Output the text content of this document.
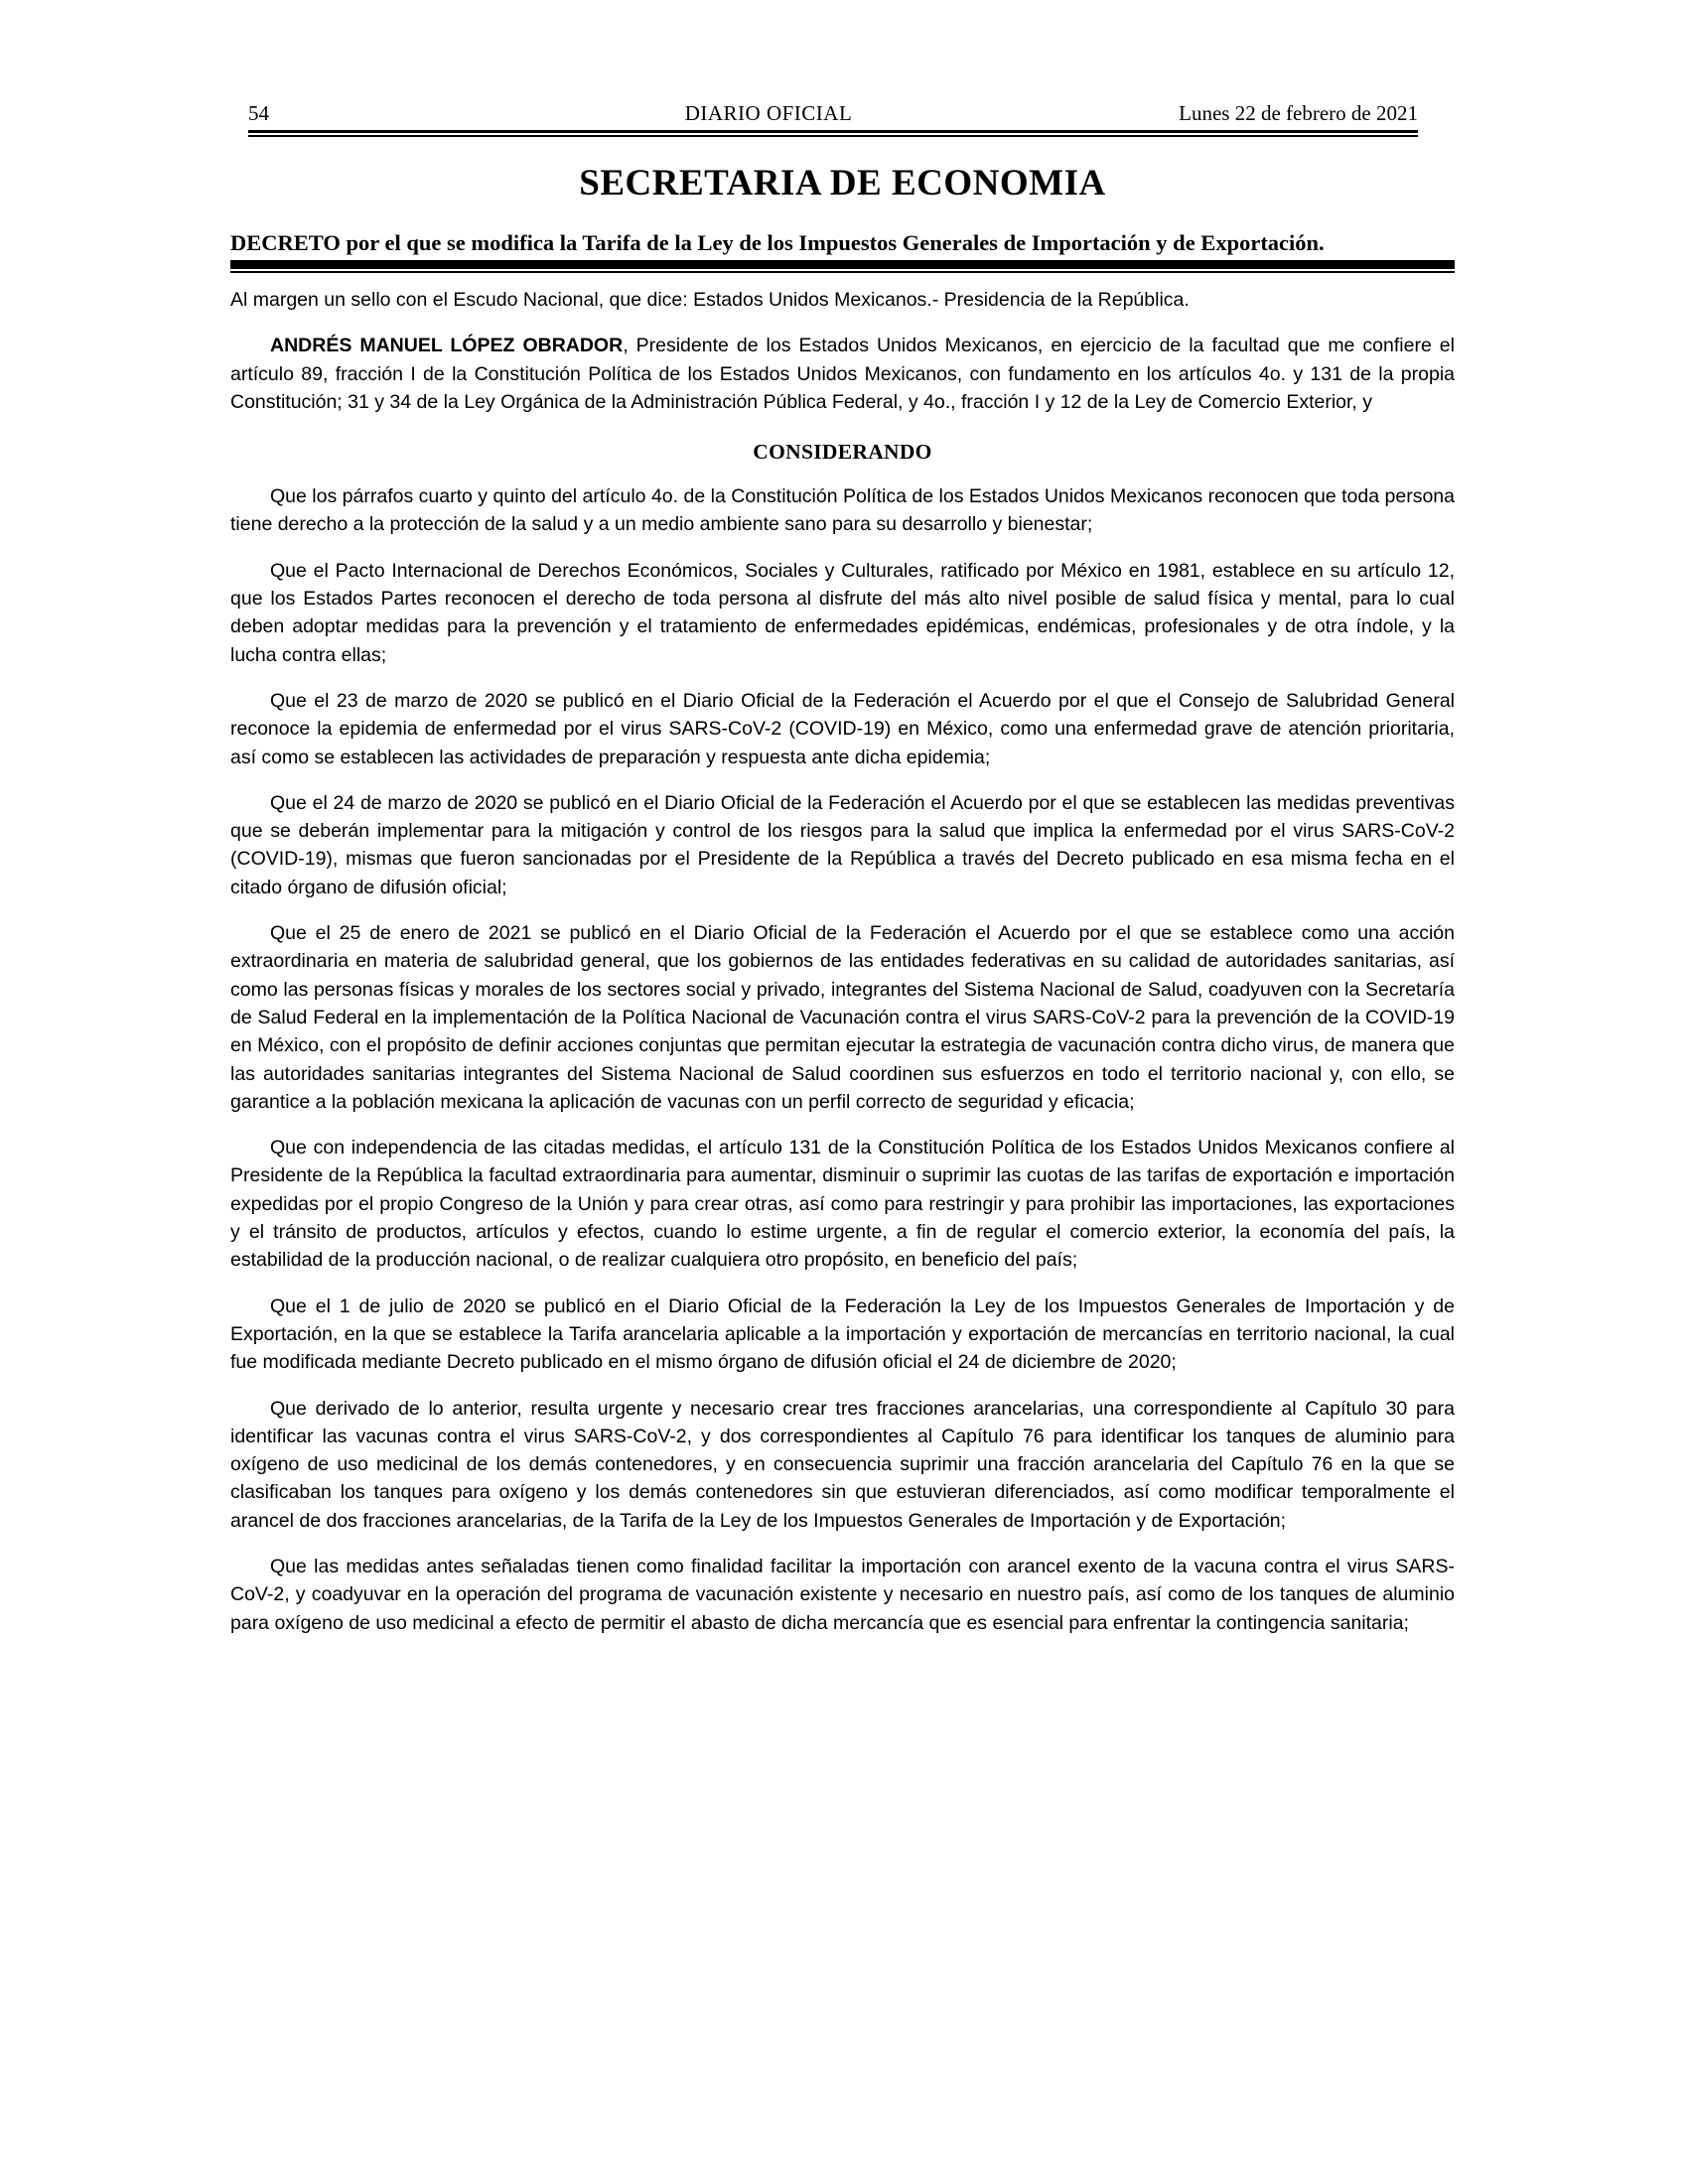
54	DIARIO OFICIAL	Lunes 22 de febrero de 2021
SECRETARIA DE ECONOMIA
DECRETO por el que se modifica la Tarifa de la Ley de los Impuestos Generales de Importación y de Exportación.

Al margen un sello con el Escudo Nacional, que dice: Estados Unidos Mexicanos.- Presidencia de la República.

ANDRÉS MANUEL LÓPEZ OBRADOR, Presidente de los Estados Unidos Mexicanos, en ejercicio de la facultad que me confiere el artículo 89, fracción I de la Constitución Política de los Estados Unidos Mexicanos, con fundamento en los artículos 4o. y 131 de la propia Constitución; 31 y 34 de la Ley Orgánica de la Administración Pública Federal, y 4o., fracción I y 12 de la Ley de Comercio Exterior, y

CONSIDERANDO

Que los párrafos cuarto y quinto del artículo 4o. de la Constitución Política de los Estados Unidos Mexicanos reconocen que toda persona tiene derecho a la protección de la salud y a un medio ambiente sano para su desarrollo y bienestar;

Que el Pacto Internacional de Derechos Económicos, Sociales y Culturales, ratificado por México en 1981, establece en su artículo 12, que los Estados Partes reconocen el derecho de toda persona al disfrute del más alto nivel posible de salud física y mental, para lo cual deben adoptar medidas para la prevención y el tratamiento de enfermedades epidémicas, endémicas, profesionales y de otra índole, y la lucha contra ellas;

Que el 23 de marzo de 2020 se publicó en el Diario Oficial de la Federación el Acuerdo por el que el Consejo de Salubridad General reconoce la epidemia de enfermedad por el virus SARS-CoV-2 (COVID-19) en México, como una enfermedad grave de atención prioritaria, así como se establecen las actividades de preparación y respuesta ante dicha epidemia;

Que el 24 de marzo de 2020 se publicó en el Diario Oficial de la Federación el Acuerdo por el que se establecen las medidas preventivas que se deberán implementar para la mitigación y control de los riesgos para la salud que implica la enfermedad por el virus SARS-CoV-2 (COVID-19), mismas que fueron sancionadas por el Presidente de la República a través del Decreto publicado en esa misma fecha en el citado órgano de difusión oficial;

Que el 25 de enero de 2021 se publicó en el Diario Oficial de la Federación el Acuerdo por el que se establece como una acción extraordinaria en materia de salubridad general, que los gobiernos de las entidades federativas en su calidad de autoridades sanitarias, así como las personas físicas y morales de los sectores social y privado, integrantes del Sistema Nacional de Salud, coadyuven con la Secretaría de Salud Federal en la implementación de la Política Nacional de Vacunación contra el virus SARS-CoV-2 para la prevención de la COVID-19 en México, con el propósito de definir acciones conjuntas que permitan ejecutar la estrategia de vacunación contra dicho virus, de manera que las autoridades sanitarias integrantes del Sistema Nacional de Salud coordinen sus esfuerzos en todo el territorio nacional y, con ello, se garantice a la población mexicana la aplicación de vacunas con un perfil correcto de seguridad y eficacia;

Que con independencia de las citadas medidas, el artículo 131 de la Constitución Política de los Estados Unidos Mexicanos confiere al Presidente de la República la facultad extraordinaria para aumentar, disminuir o suprimir las cuotas de las tarifas de exportación e importación expedidas por el propio Congreso de la Unión y para crear otras, así como para restringir y para prohibir las importaciones, las exportaciones y el tránsito de productos, artículos y efectos, cuando lo estime urgente, a fin de regular el comercio exterior, la economía del país, la estabilidad de la producción nacional, o de realizar cualquiera otro propósito, en beneficio del país;

Que el 1 de julio de 2020 se publicó en el Diario Oficial de la Federación la Ley de los Impuestos Generales de Importación y de Exportación, en la que se establece la Tarifa arancelaria aplicable a la importación y exportación de mercancías en territorio nacional, la cual fue modificada mediante Decreto publicado en el mismo órgano de difusión oficial el 24 de diciembre de 2020;

Que derivado de lo anterior, resulta urgente y necesario crear tres fracciones arancelarias, una correspondiente al Capítulo 30 para identificar las vacunas contra el virus SARS-CoV-2, y dos correspondientes al Capítulo 76 para identificar los tanques de aluminio para oxígeno de uso medicinal de los demás contenedores, y en consecuencia suprimir una fracción arancelaria del Capítulo 76 en la que se clasificaban los tanques para oxígeno y los demás contenedores sin que estuvieran diferenciados, así como modificar temporalmente el arancel de dos fracciones arancelarias, de la Tarifa de la Ley de los Impuestos Generales de Importación y de Exportación;

Que las medidas antes señaladas tienen como finalidad facilitar la importación con arancel exento de la vacuna contra el virus SARS-CoV-2, y coadyuvar en la operación del programa de vacunación existente y necesario en nuestro país, así como de los tanques de aluminio para oxígeno de uso medicinal a efecto de permitir el abasto de dicha mercancía que es esencial para enfrentar la contingencia sanitaria;
